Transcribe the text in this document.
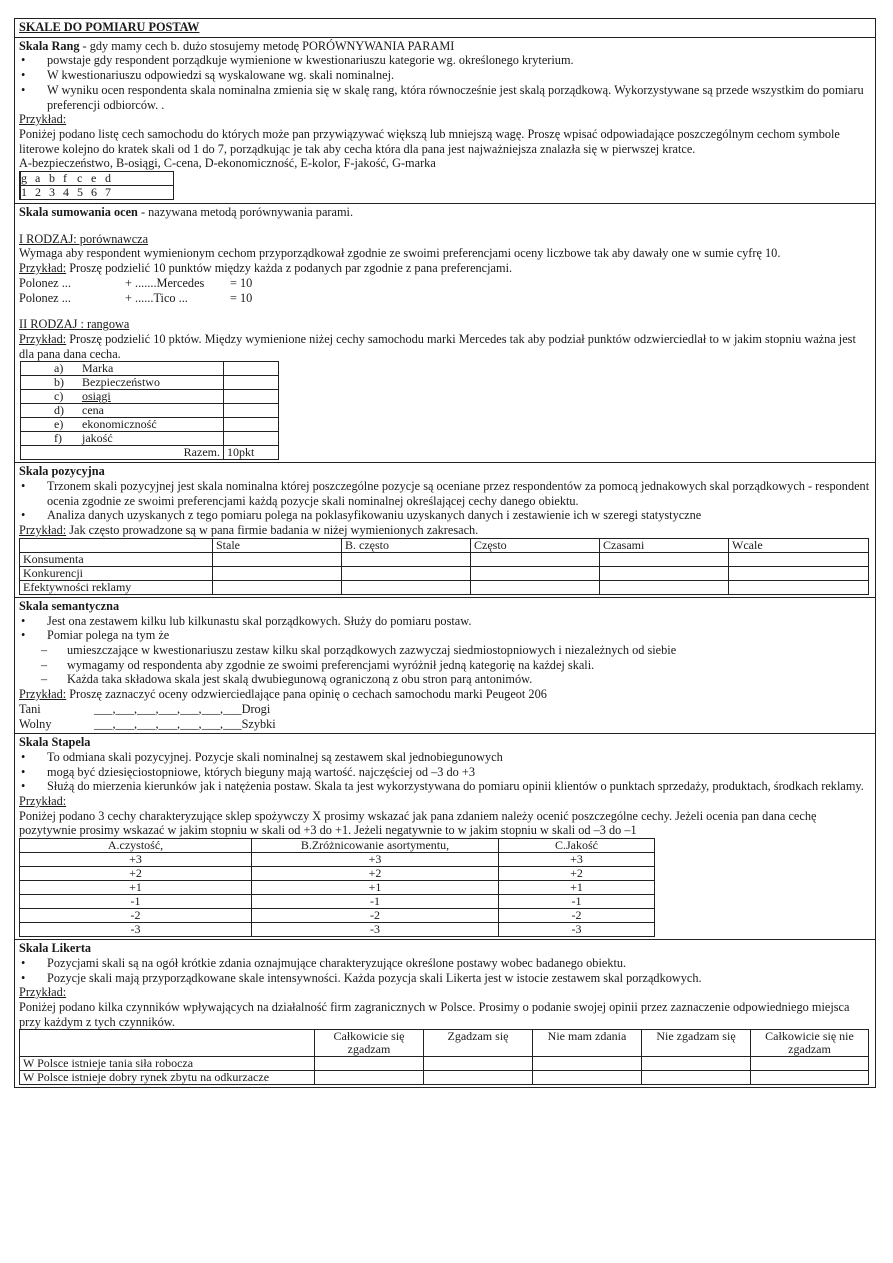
SKALE DO POMIARU POSTAW

Skala Rang - gdy mamy cech b. dużo stosujemy metodę PORÓWNYWANIA PARAMI

•	powstaje gdy respondent porządkuje wymienione w kwestionariuszu kategorie wg. określonego kryterium.
•	W kwestionariuszu odpowiedzi są wyskalowane wg. skali nominalnej.
•	W wyniku ocen respondenta skala nominalna zmienia się w skalę rang, która równocześnie jest skalą porządkową. Wykorzystywane są przede wszystkim do pomiaru preferencji odbiorców. .

Przykład:

Poniżej podano listę cech samochodu do których może pan przywiązywać większą lub mniejszą wagę. Proszę wpisać odpowiadające poszczególnym cechom symbole literowe kolejno do kratek skali od 1 do 7, porządkując je tak aby cecha która dla pana jest najważniejsza znalazła się w pierwszej kratce.

A-bezpieczeństwo, B-osiągi, C-cena, D-ekonomiczność, E-kolor, F-jakość, G-marka

g	a	b	f	c	e	d
1	2	3	4	5	6	7

Skala sumowania ocen - nazywana metodą porównywania parami.

I RODZAJ: porównawcza

Wymaga aby respondent wymienionym cechom przyporządkował zgodnie ze swoimi preferencjami oceny liczbowe tak aby dawały one w sumie cyfrę 10.

Przykład: Proszę podzielić 10 punktów między każda z podanych par zgodnie z pana preferencjami.

Polonez ...	+ .......Mercedes	= 10
Polonez ...	+ ......Tico ...	= 10

II RODZAJ : rangowa

Przykład: Proszę podzielić 10 pktów. Między wymienione niżej cechy samochodu marki Mercedes tak aby podział punktów odzwierciedlał to w jakim stopniu ważna jest dla pana dana cecha.

a) Marka	
b) Bezpieczeństwo	
c) osiągi	
d) cena	
e) ekonomiczność	
f) jakość	
Razem.	10pkt

Skala pozycyjna

•	Trzonem skali pozycyjnej jest skala nominalna której poszczególne pozycje są oceniane przez respondentów za pomocą jednakowych skal porządkowych - respondent ocenia zgodnie ze swoimi preferencjami każdą pozycje skali nominalnej określającej cechy danego obiektu.
•	Analiza danych uzyskanych z tego pomiaru polega na poklasyfikowaniu uzyskanych danych i zestawienie ich w szeregi statystyczne

Przykład: Jak często prowadzone są w pana firmie badania w niżej wymienionych zakresach.

	Stale	B. często	Często	Czasami	Wcale
Konsumenta					
Konkurencji					
Efektywności reklamy					

Skala semantyczna

•	Jest ona zestawem kilku lub kilkunastu skal porządkowych. Służy do pomiaru postaw.
•	Pomiar polega na tym że
–	umieszczające w kwestionariuszu zestaw kilku skal porządkowych zazwyczaj siedmiostopniowych i niezależnych od siebie
–	wymagamy od respondenta aby zgodnie ze swoimi preferencjami wyróżnił jedną kategorię na każdej skali.
–	Każda taka składowa skala jest skalą dwubiegunową ograniczoną z obu stron parą antonimów.

Przykład: Proszę zaznaczyć oceny odzwierciedlające pana opinię o cechach samochodu marki Peugeot 206

Tani	___,___,___,___,___,___,___ Drogi
Wolny	___,___,___,___,___,___,___ Szybki

Skala Stapela

•	To odmiana skali pozycyjnej. Pozycje skali nominalnej są zestawem skal jednobiegunowych
•	mogą być dziesięciostopniowe, których bieguny mają wartość. najczęściej od –3 do +3
•	Służą do mierzenia kierunków jak i natężenia postaw. Skala ta jest wykorzystywana do pomiaru opinii klientów o punktach sprzedaży, produktach, środkach reklamy.

Przykład:

Poniżej podano 3 cechy charakteryzujące sklep spożywczy X prosimy wskazać jak pana zdaniem należy ocenić poszczególne cechy. Jeżeli ocenia pan dana cechę pozytywnie prosimy wskazać w jakim stopniu w skali od +3 do +1. Jeżeli negatywnie to w jakim stopniu w skali od –3 do –1

A.czystość,	B.Zróżnicowanie asortymentu,	C.Jakość
+3	+3	+3
+2	+2	+2
+1	+1	+1
-1	-1	-1
-2	-2	-2
-3	-3	-3

Skala Likerta

•	Pozycjami skali są na ogół krótkie zdania oznajmujące charakteryzujące określone postawy wobec badanego obiektu.
•	Pozycje skali mają przyporządkowane skale intensywności. Każda pozycja skali Likerta jest w istocie zestawem skal porządkowych.

Przykład:

Poniżej podano kilka czynników wpływających na działalność firm zagranicznych w Polsce. Prosimy o podanie swojej opinii przez zaznaczenie odpowiedniego miejsca przy każdym z tych czynników.

	Całkowicie się zgadzam	Zgadzam się	Nie mam zdania	Nie zgadzam się	Całkowicie się nie zgadzam
W Polsce istnieje tania siła robocza					
W Polsce istnieje dobry rynek zbytu na odkurzacze					
